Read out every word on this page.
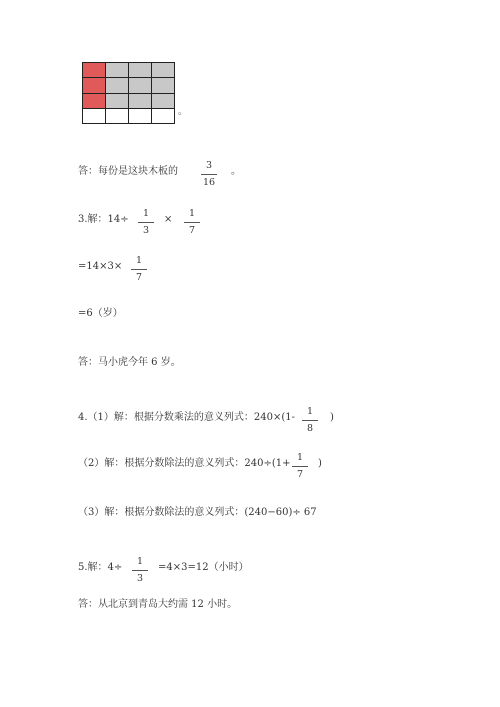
。
答：每份是这块木板的
3
16
。
3.解：14÷
1
3
×
1
7
=14×3×
1
7
=6（岁）
答：马小虎今年 6 岁。
4.（1）解：根据分数乘法的意义列式：240×(1-
1
8
)
（2）解：根据分数除法的意义列式：240÷(1+
1
7
)
（3）解：根据分数除法的意义列式：(240−60)÷ 67
5.解：4÷
1
3
=4×3=12（小时）
答：从北京到青岛大约需 12 小时。
